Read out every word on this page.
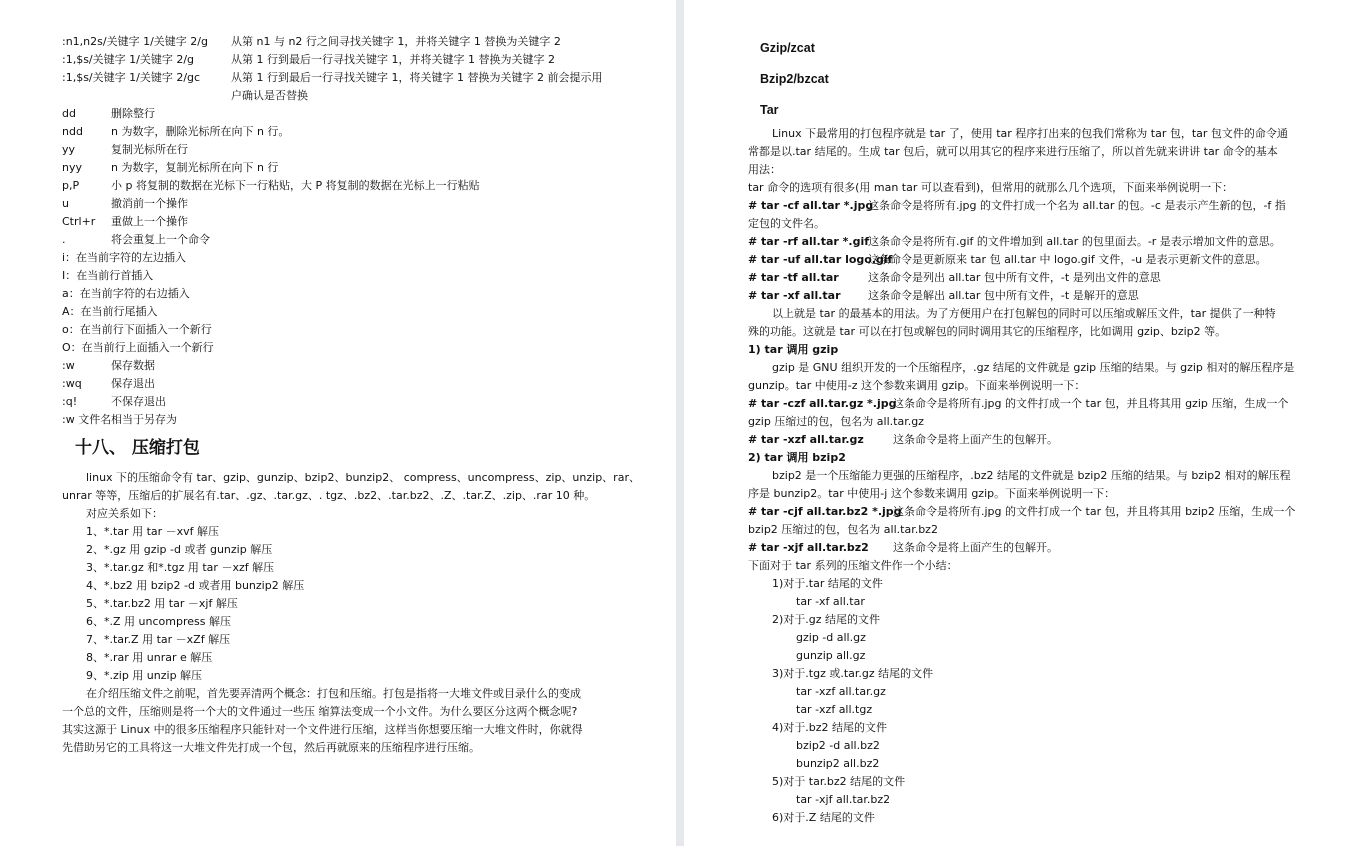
:n1,n2s/关键字 1/关键字 2/g 从第 n1 与 n2 行之间寻找关键字 1，并将关键字 1 替换为关键字 2
:1,$s/关键字 1/关键字 2/g	从第 1 行到最后一行寻找关键字 1，并将关键字 1 替换为关键字 2
:1,$s/关键字 1/关键字 2/gc	从第 1 行到最后一行寻找关键字 1，将关键字 1 替换为关键字 2 前会提示用
户确认是否替换
dd	删除整行
ndd	n 为数字，删除光标所在向下 n 行。
yy	复制光标所在行
nyy	n 为数字，复制光标所在向下 n 行
p,P	小 p 将复制的数据在光标下一行粘贴，大 P 将复制的数据在光标上一行粘贴
u	撤消前一个操作
Ctrl+r 重做上一个操作
.	将会重复上一个命令
i：在当前字符的左边插入
I：在当前行首插入
a：在当前字符的右边插入
A：在当前行尾插入
o：在当前行下面插入一个新行
O：在当前行上面插入一个新行
:w	保存数据
:wq	保存退出
:q!	不保存退出
:w 文件名 相当于另存为
十八、 压缩打包
linux 下的压缩命令有 tar、gzip、gunzip、bzip2、bunzip2、 compress、uncompress、zip、unzip、rar、
unrar 等等，压缩后的扩展名有.tar、.gz、.tar.gz、. tgz、.bz2、.tar.bz2、.Z、.tar.Z、.zip、.rar 10 种。
对应关系如下：
1、*.tar 用 tar －xvf 解压
2、*.gz 用 gzip -d 或者 gunzip 解压
3、*.tar.gz 和*.tgz 用 tar －xzf 解压
4、*.bz2 用 bzip2 -d 或者用 bunzip2 解压
5、*.tar.bz2 用 tar －xjf 解压
6、*.Z 用 uncompress 解压
7、*.tar.Z 用 tar －xZf 解压
8、*.rar 用 unrar e 解压
9、*.zip 用 unzip 解压
在介绍压缩文件之前呢，首先要弄清两个概念：打包和压缩。打包是指将一大堆文件或目录什么的变成
一个总的文件，压缩则是将一个大的文件通过一些压 缩算法变成一个小文件。为什么要区分这两个概念呢?
其实这源于 Linux 中的很多压缩程序只能针对一个文件进行压缩，这样当你想要压缩一大堆文件时，你就得
先借助另它的工具将这一大堆文件先打成一个包，然后再就原来的压缩程序进行压缩。
Gzip/zcat
Bzip2/bzcat
Tar
Linux 下最常用的打包程序就是 tar 了，使用 tar 程序打出来的包我们常称为 tar 包，tar 包文件的命令通
常都是以.tar 结尾的。生成 tar 包后，就可以用其它的程序来进行压缩了，所以首先就来讲讲 tar 命令的基本
用法：
tar 命令的选项有很多(用 man tar 可以查看到)，但常用的就那么几个选项，下面来举例说明一下：
# tar -cf all.tar *.jpg
这条命令是将所有.jpg 的文件打成一个名为 all.tar 的包。-c 是表示产生新的包，-f 指
定包的文件名。
# tar -rf all.tar *.gif
这条命令是将所有.gif 的文件增加到 all.tar 的包里面去。-r 是表示增加文件的意思。
# tar -uf all.tar logo.gif
这条命令是更新原来 tar 包 all.tar 中 logo.gif 文件，-u 是表示更新文件的意思。
# tar -tf all.tar	这条命令是列出 all.tar 包中所有文件，-t 是列出文件的意思
# tar -xf all.tar 这条命令是解出 all.tar 包中所有文件，-t 是解开的意思
以上就是 tar 的最基本的用法。为了方便用户在打包解包的同时可以压缩或解压文件，tar 提供了一种特
殊的功能。这就是 tar 可以在打包或解包的同时调用其它的压缩程序，比如调用 gzip、bzip2 等。
1) tar 调用 gzip
gzip 是 GNU 组织开发的一个压缩程序，.gz 结尾的文件就是 gzip 压缩的结果。与 gzip 相对的解压程序是
gunzip。tar 中使用-z 这个参数来调用 gzip。下面来举例说明一下：
# tar -czf all.tar.gz *.jpg
这条命令是将所有.jpg 的文件打成一个 tar 包，并且将其用 gzip 压缩，生成一个
gzip 压缩过的包，包名为 all.tar.gz
# tar -xzf all.tar.gz	这条命令是将上面产生的包解开。
2) tar 调用 bzip2
bzip2 是一个压缩能力更强的压缩程序，.bz2 结尾的文件就是 bzip2 压缩的结果。与 bzip2 相对的解压程
序是 bunzip2。tar 中使用-j 这个参数来调用 gzip。下面来举例说明一下：
# tar -cjf all.tar.bz2 *.jpg
这条命令是将所有.jpg 的文件打成一个 tar 包，并且将其用 bzip2 压缩，生成一个
bzip2 压缩过的包，包名为 all.tar.bz2
# tar -xjf all.tar.bz2 这条命令是将上面产生的包解开。
下面对于 tar 系列的压缩文件作一个小结：
1)对于.tar 结尾的文件
tar -xf all.tar
2)对于.gz 结尾的文件
gzip -d all.gz
gunzip all.gz
3)对于.tgz 或.tar.gz 结尾的文件
tar -xzf all.tar.gz
tar -xzf all.tgz
4)对于.bz2 结尾的文件
bzip2 -d all.bz2
bunzip2 all.bz2
5)对于 tar.bz2 结尾的文件
tar -xjf all.tar.bz2
6)对于.Z 结尾的文件
